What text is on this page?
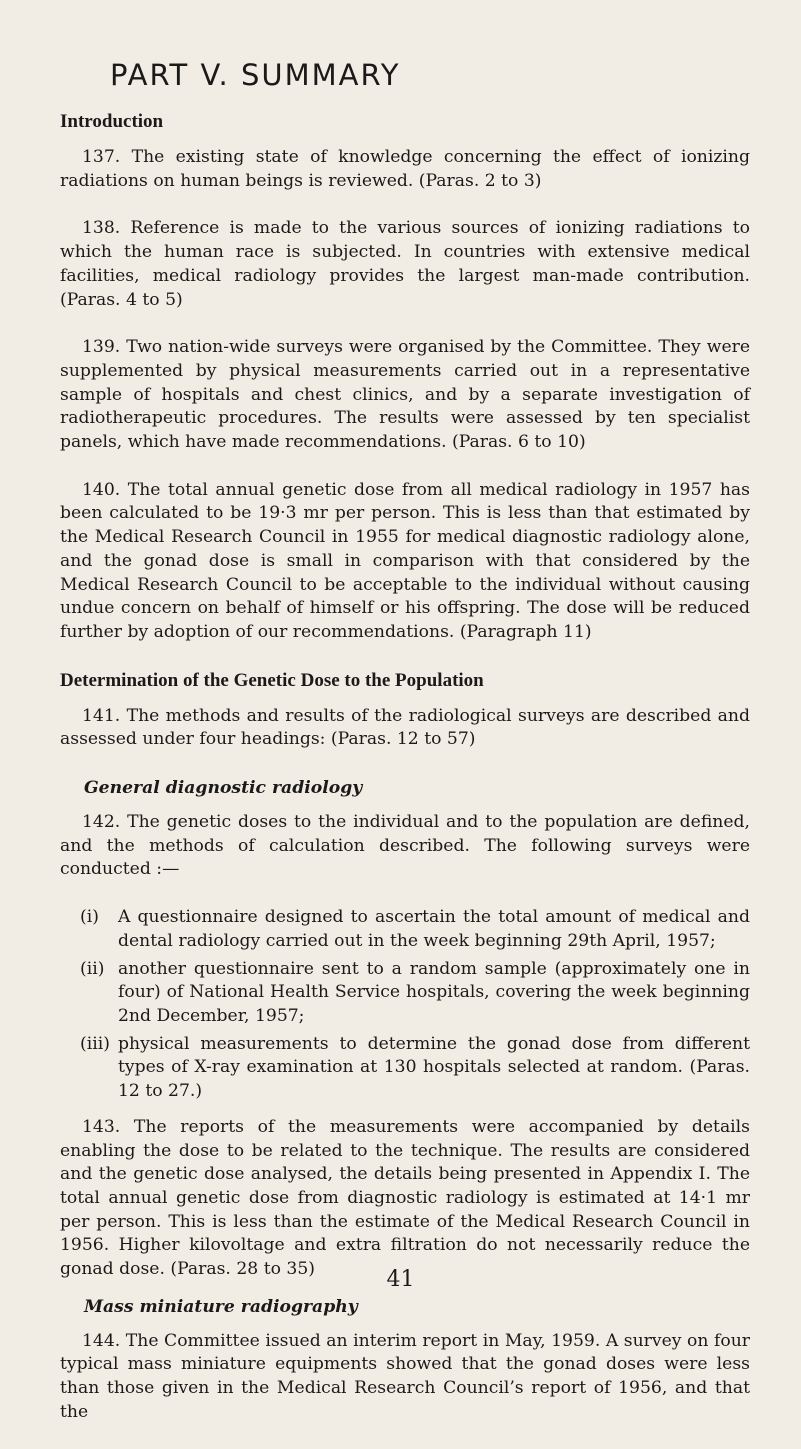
PART V. SUMMARY
Introduction

137. The existing state of knowledge concerning the effect of ionizing radiations on human beings is reviewed. (Paras. 2 to 3)

138. Reference is made to the various sources of ionizing radiations to which the human race is subjected. In countries with extensive medical facilities, medical radiology provides the largest man-made contribution. (Paras. 4 to 5)

139. Two nation-wide surveys were organised by the Committee. They were supplemented by physical measurements carried out in a representative sample of hospitals and chest clinics, and by a separate investigation of radiotherapeutic procedures. The results were assessed by ten specialist panels, which have made recommendations. (Paras. 6 to 10)

140. The total annual genetic dose from all medical radiology in 1957 has been calculated to be 19·3 mr per person. This is less than that estimated by the Medical Research Council in 1955 for medical diagnostic radiology alone, and the gonad dose is small in comparison with that considered by the Medical Research Council to be acceptable to the individual without causing undue concern on behalf of himself or his offspring. The dose will be reduced further by adoption of our recommendations. (Paragraph 11)

Determination of the Genetic Dose to the Population

141. The methods and results of the radiological surveys are described and assessed under four headings: (Paras. 12 to 57)

General diagnostic radiology

142. The genetic doses to the individual and to the population are defined, and the methods of calculation described. The following surveys were conducted :—

(i) A questionnaire designed to ascertain the total amount of medical and dental radiology carried out in the week beginning 29th April, 1957;
(ii) another questionnaire sent to a random sample (approximately one in four) of National Health Service hospitals, covering the week beginning 2nd December, 1957;
(iii) physical measurements to determine the gonad dose from different types of X-ray examination at 130 hospitals selected at random. (Paras. 12 to 27.)

143. The reports of the measurements were accompanied by details enabling the dose to be related to the technique. The results are considered and the genetic dose analysed, the details being presented in Appendix I. The total annual genetic dose from diagnostic radiology is estimated at 14·1 mr per person. This is less than the estimate of the Medical Research Council in 1956. Higher kilovoltage and extra filtration do not necessarily reduce the gonad dose. (Paras. 28 to 35)

Mass miniature radiography

144. The Committee issued an interim report in May, 1959. A survey on four typical mass miniature equipments showed that the gonad doses were less than those given in the Medical Research Council’s report of 1956, and that the

41
